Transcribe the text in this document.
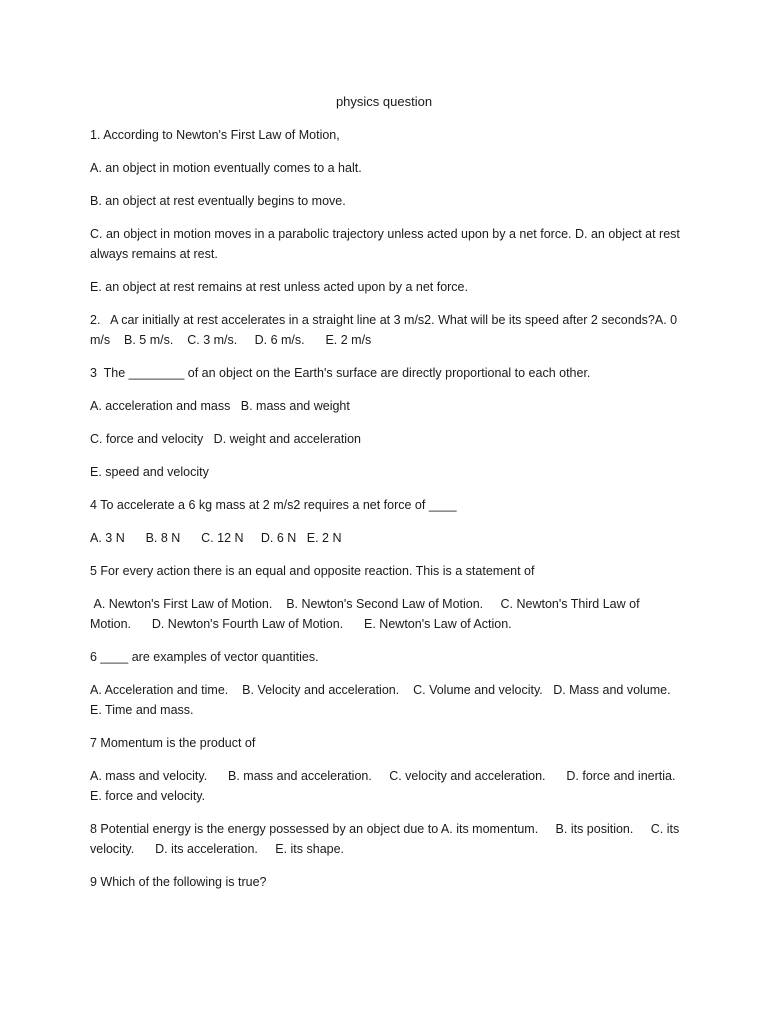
physics question

1. According to Newton's First Law of Motion,

A. an object in motion eventually comes to a halt.

B. an object at rest eventually begins to move.

C. an object in motion moves in a parabolic trajectory unless acted upon by a net force. D. an object at rest always remains at rest.

E. an object at rest remains at rest unless acted upon by a net force.

2.   A car initially at rest accelerates in a straight line at 3 m/s2. What will be its speed after 2 seconds?A. 0 m/s    B. 5 m/s.    C. 3 m/s.     D. 6 m/s.      E. 2 m/s

3  The ________ of an object on the Earth's surface are directly proportional to each other.

A. acceleration and mass   B. mass and weight

C. force and velocity   D. weight and acceleration

E. speed and velocity

4 To accelerate a 6 kg mass at 2 m/s2 requires a net force of ____

A. 3 N      B. 8 N      C. 12 N     D. 6 N   E. 2 N

5 For every action there is an equal and opposite reaction. This is a statement of

A. Newton's First Law of Motion.    B. Newton's Second Law of Motion.     C. Newton's Third Law of Motion.      D. Newton's Fourth Law of Motion.      E. Newton's Law of Action.

6 ____ are examples of vector quantities.

A. Acceleration and time.    B. Velocity and acceleration.    C. Volume and velocity.   D. Mass and volume.    E. Time and mass.

7 Momentum is the product of

A. mass and velocity.      B. mass and acceleration.     C. velocity and acceleration.      D. force and inertia.    E. force and velocity.

8 Potential energy is the energy possessed by an object due to A. its momentum.     B. its position.     C. its velocity.      D. its acceleration.     E. its shape.

9 Which of the following is true?
